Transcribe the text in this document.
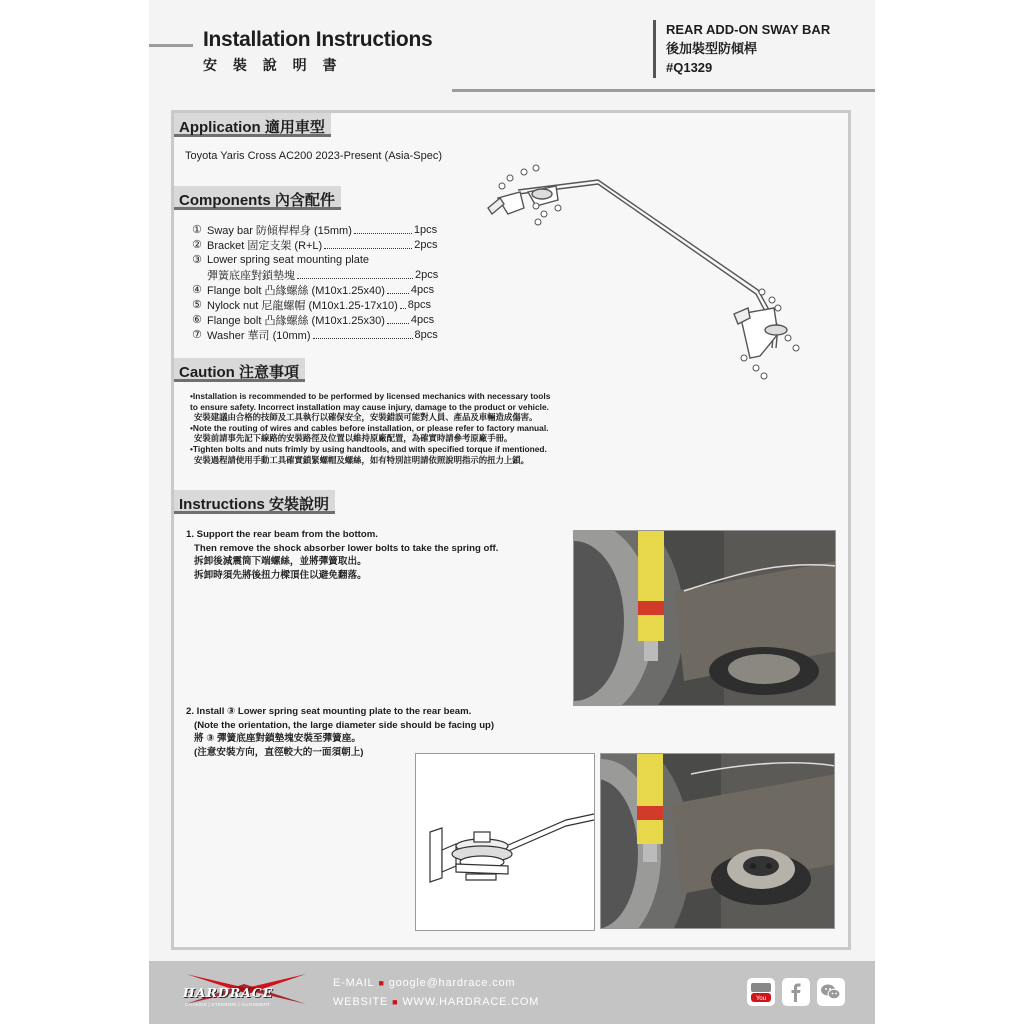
Installation Instructions
安 裝 說 明 書
REAR ADD-ON SWAY BAR
後加裝型防傾桿
#Q1329
Application 適用車型
Toyota Yaris Cross AC200 2023-Present (Asia-Spec)
Components 內含配件
① Sway bar 防傾桿桿身 (15mm)	1pcs
② Bracket 固定支架 (R+L)	2pcs
③ Lower spring seat mounting plate
彈簧底座對鎖墊塊	2pcs
④ Flange bolt 凸緣螺絲 (M10x1.25x40) 4pcs
⑤ Nylock nut 尼龍螺帽 (M10x1.25-17x10) 8pcs
⑥ Flange bolt 凸緣螺絲 (M10x1.25x30) 4pcs
⑦ Washer 華司 (10mm)	8pcs
Caution 注意事項
•Installation is recommended to be performed by licensed mechanics with necessary tools
to ensure safety. Incorrect installation may cause injury, damage to the product or vehicle.
安裝建議由合格的技師及工具執行以確保安全，安裝錯誤可能對人員、產品及車輛造成傷害。
•Note the routing of wires and cables before installation, or please refer to factory manual.
安裝前請事先記下線路的安裝路徑及位置以維持原廠配置，為確實時請參考原廠手冊。
•Tighten bolts and nuts frimly by using handtools, and with specified torque if mentioned.
安裝過程請使用手動工具確實鎖緊螺帽及螺絲，如有特別註明請依照說明指示的扭力上鎖。
Instructions 安裝說明
1. Support the rear beam from the bottom.
Then remove the shock absorber lower bolts to take the spring off.
拆卸後減震筒下端螺絲，並將彈簧取出。
拆卸時須先將後扭力樑頂住以避免翻落。
2. Install ③ Lower spring seat mounting plate to the rear beam.
(Note the orientation, the large diameter side should be facing up)
將 ③ 彈簧底座對鎖墊塊安裝至彈簧座。
(注意安裝方向，直徑較大的一面須朝上)
HARDRACE
CHASSIS | STEERING | ALIGNMENT
E-MAIL ■ google@hardrace.com
WEBSITE ■ WWW.HARDRACE.COM	You
